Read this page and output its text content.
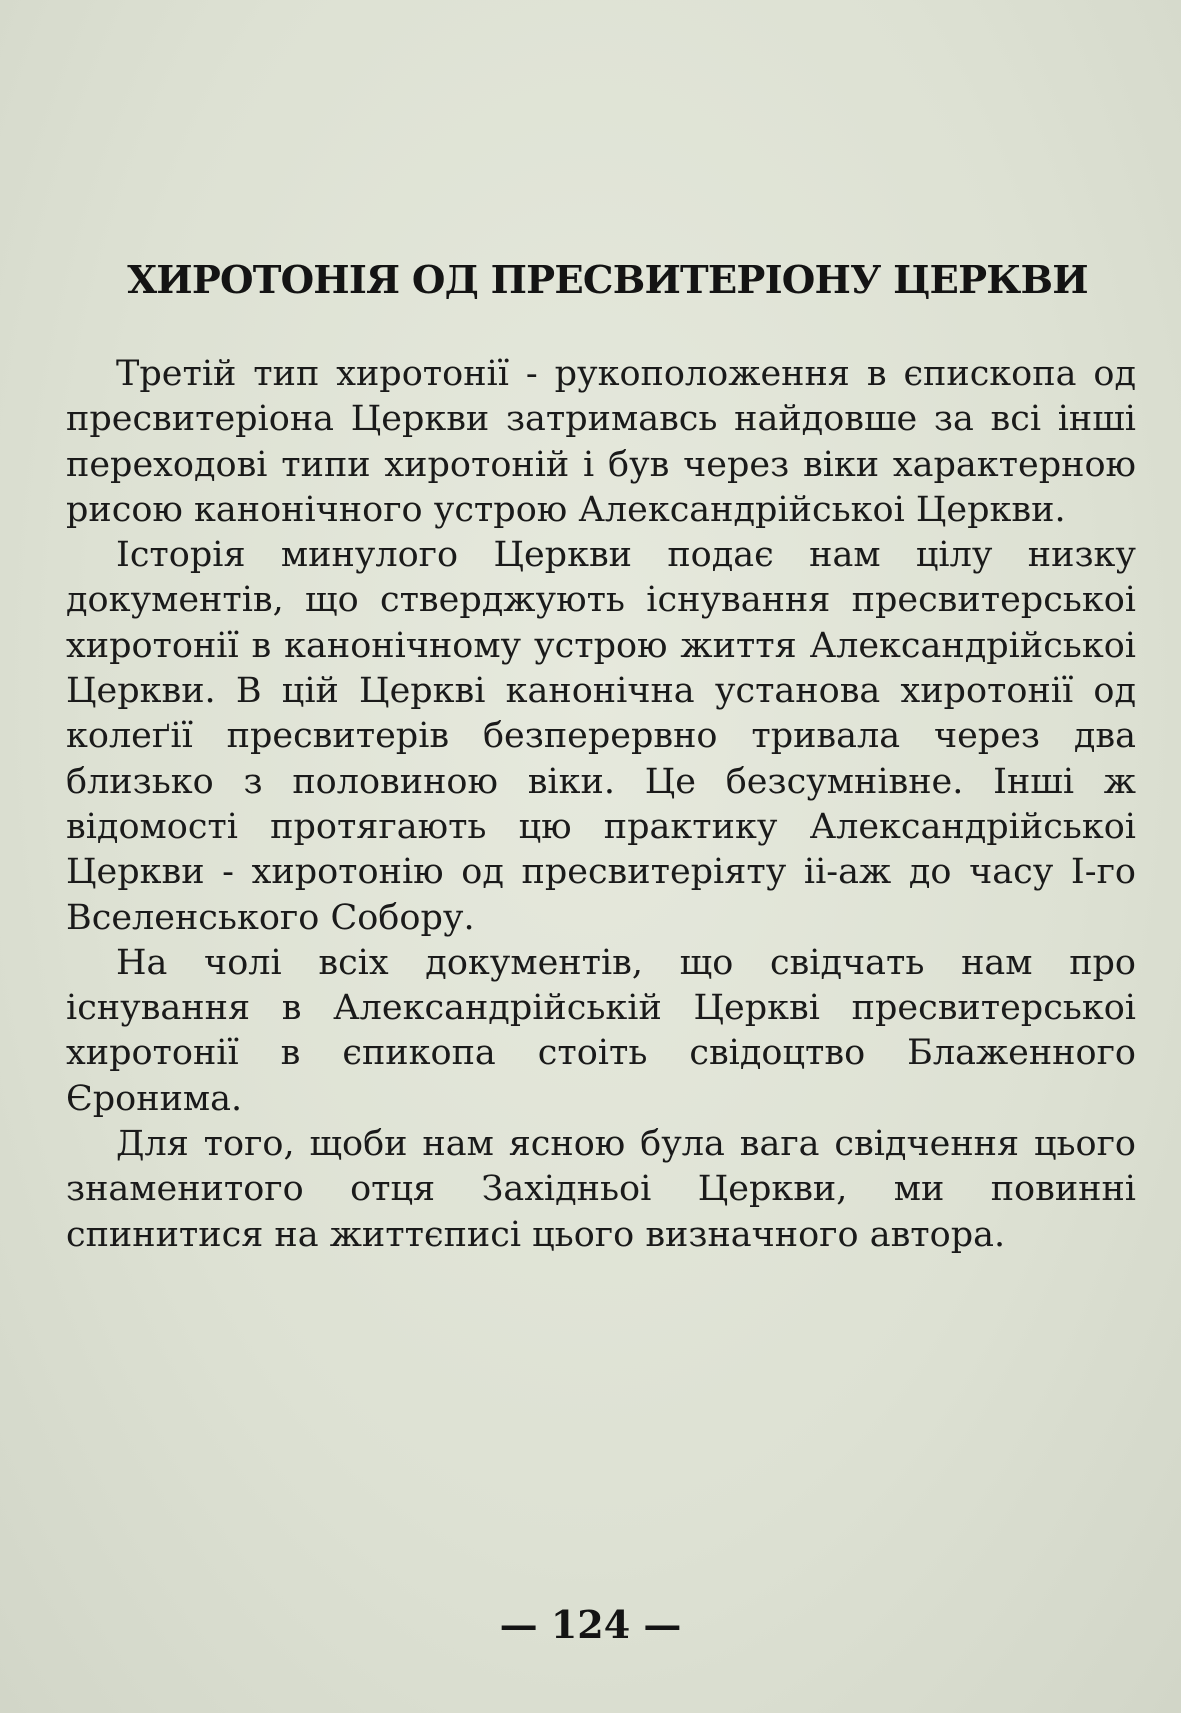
ХИРОТОНІЯ ОД ПРЕСВИТЕРІОНУ ЦЕРКВИ

Третій тип хиротонії - рукоположення в єпископа од пресвитеріона Церкви затримавсь найдовше за всі інші переходові типи хиротоній і був через віки характерною рисою канонічного устрою Александрійськоі Церкви.

Історія минулого Церкви подає нам цілу низку документів, що стверджують існування пресвитерськоі хиротонії в канонічному устрою життя Александрійськоі Церкви. В цій Церкві канонічна установа хиротонії од колеґії пресвитерів безперервно тривала через два близько з половиною віки. Це безсумнівне. Інші ж відомості протягають цю практику Александрійськоі Церкви - хиротонію од пресвитеріяту іі-аж до часу І-го Вселенського Собору.

На чолі всіх документів, що свідчать нам про існування в Александрійській Церкві пресвитерськоі хиротонії в єпикопа стоіть свідоцтво Блаженного Єронима.

Для того, щоби нам ясною була вага свідчення цього знаменитого отця Західньоі Церкви, ми повинні спинитися на життєписі цього визначного автора.

— 124 —
